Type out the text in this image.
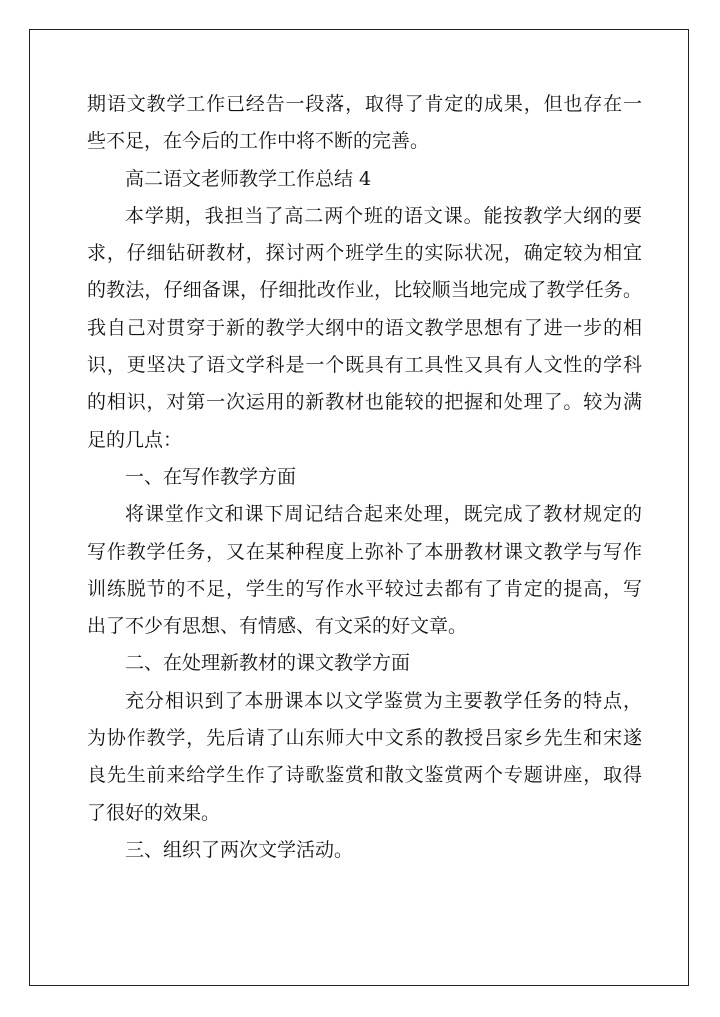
期语文教学工作已经告一段落，取得了肯定的成果，但也存在一
些不足，在今后的工作中将不断的完善。
高二语文老师教学工作总结 4
本学期，我担当了高二两个班的语文课。能按教学大纲的要
求，仔细钻研教材，探讨两个班学生的实际状况，确定较为相宜
的教法，仔细备课，仔细批改作业，比较顺当地完成了教学任务。
我自己对贯穿于新的教学大纲中的语文教学思想有了进一步的相
识，更坚决了语文学科是一个既具有工具性又具有人文性的学科
的相识，对第一次运用的新教材也能较的把握和处理了。较为满
足的几点：
一、在写作教学方面
将课堂作文和课下周记结合起来处理，既完成了教材规定的
写作教学任务，又在某种程度上弥补了本册教材课文教学与写作
训练脱节的不足，学生的写作水平较过去都有了肯定的提高，写
出了不少有思想、有情感、有文采的好文章。
二、在处理新教材的课文教学方面
充分相识到了本册课本以文学鉴赏为主要教学任务的特点，
为协作教学，先后请了山东师大中文系的教授吕家乡先生和宋遂
良先生前来给学生作了诗歌鉴赏和散文鉴赏两个专题讲座，取得
了很好的效果。
三、组织了两次文学活动。
